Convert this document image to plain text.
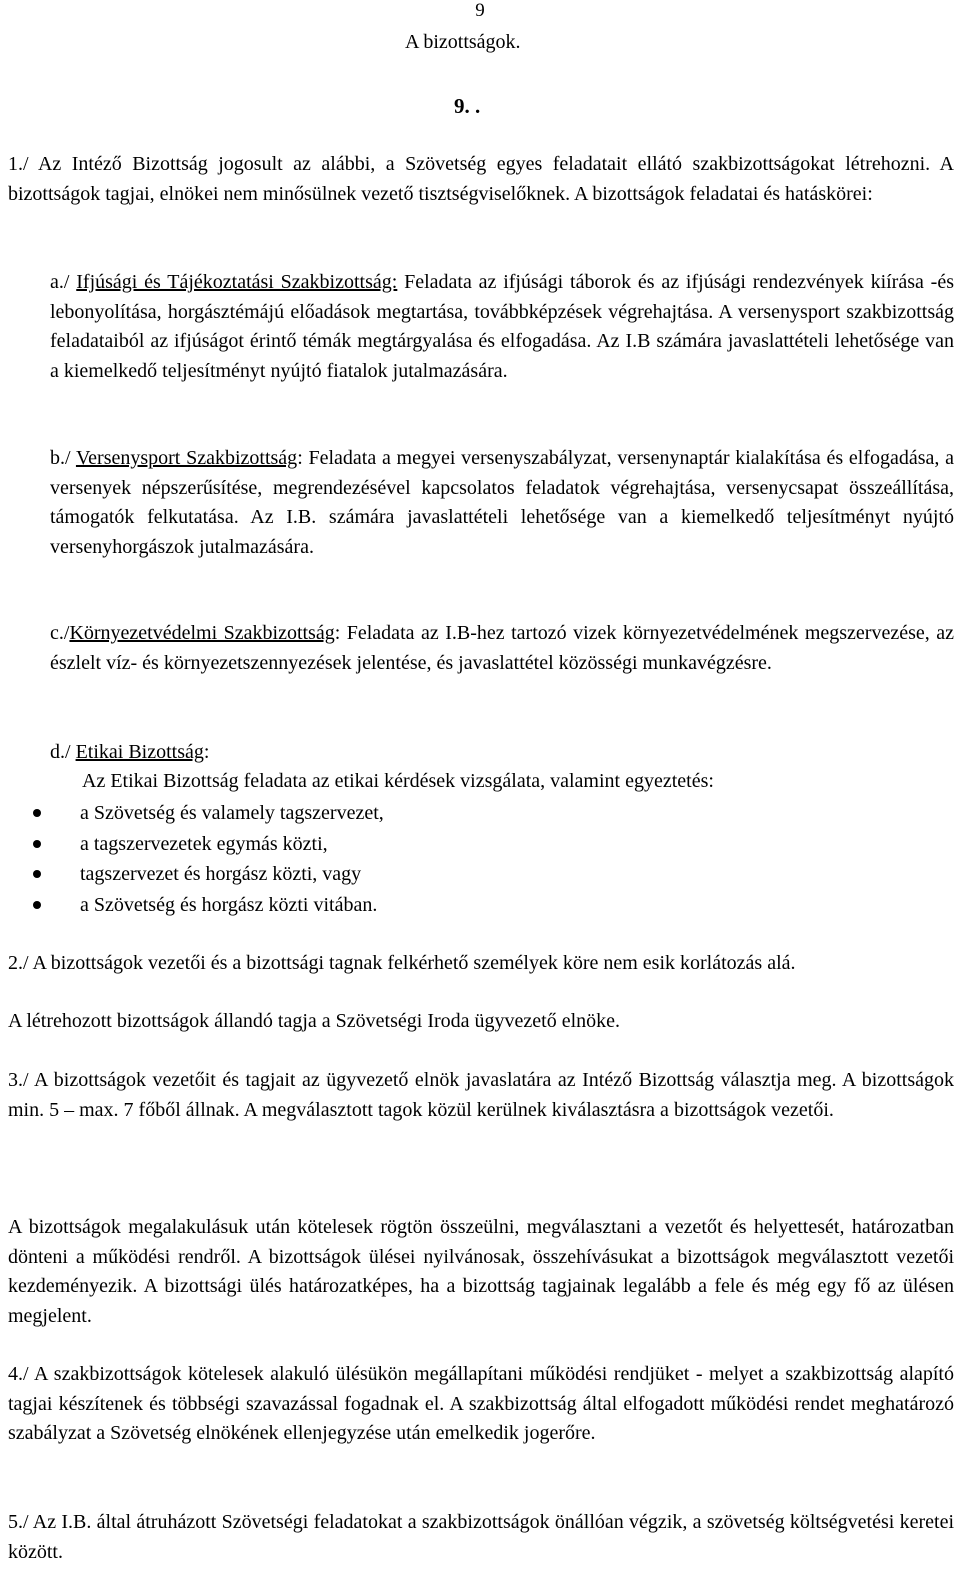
9
A bizottságok.
9. .

1./ Az Intéző Bizottság jogosult az alábbi, a Szövetség egyes feladatait ellátó szakbizottságokat létrehozni. A bizottságok tagjai, elnökei nem minősülnek vezető tisztségviselőknek. A bizottságok feladatai és hatáskörei:

a./ Ifjúsági és Tájékoztatási Szakbizottság: Feladata az ifjúsági táborok és az ifjúsági rendezvények kiírása -és lebonyolítása, horgásztémájú előadások megtartása, továbbképzések végrehajtása. A versenysport szakbizottság feladataiból az ifjúságot érintő témák megtárgyalása és elfogadása. Az I.B számára javaslattételi lehetősége van a kiemelkedő teljesítményt nyújtó fiatalok jutalmazására.

b./ Versenysport Szakbizottság: Feladata a megyei versenyszabályzat, versenynaptár kialakítása és elfogadása, a versenyek népszerűsítése, megrendezésével kapcsolatos feladatok végrehajtása, versenycsapat összeállítása, támogatók felkutatása. Az I.B. számára javaslattételi lehetősége van a kiemelkedő teljesítményt nyújtó versenyhorgászok jutalmazására.

c./Környezetvédelmi Szakbizottság: Feladata az I.B-hez tartozó vizek környezetvédelmének megszervezése, az észlelt víz- és környezetszennyezések jelentése, és javaslattétel közösségi munkavégzésre.

d./ Etikai Bizottság:

Az Etikai Bizottság feladata az etikai kérdések vizsgálata, valamint egyeztetés:

a Szövetség és valamely tagszervezet,
a tagszervezetek egymás közti,
tagszervezet és horgász közti, vagy
a Szövetség és horgász közti vitában.

2./ A bizottságok vezetői és a bizottsági tagnak felkérhető személyek köre nem esik korlátozás alá.

A létrehozott bizottságok állandó tagja a Szövetségi Iroda ügyvezető elnöke.

3./ A bizottságok vezetőit és tagjait az ügyvezető elnök javaslatára az Intéző Bizottság választja meg. A bizottságok min. 5 – max. 7 főből állnak. A megválasztott tagok közül kerülnek kiválasztásra a bizottságok vezetői.

A bizottságok megalakulásuk után kötelesek rögtön összeülni, megválasztani a vezetőt és helyettesét, határozatban dönteni a működési rendről. A bizottságok ülései nyilvánosak, összehívásukat a bizottságok megválasztott vezetői kezdeményezik. A bizottsági ülés határozatképes, ha a bizottság tagjainak legalább a fele és még egy fő az ülésen megjelent.

4./ A szakbizottságok kötelesek alakuló ülésükön megállapítani működési rendjüket - melyet a szakbizottság alapító tagjai készítenek és többségi szavazással fogadnak el. A szakbizottság által elfogadott működési rendet meghatározó szabályzat a Szövetség elnökének ellenjegyzése után emelkedik jogerőre.

5./ Az I.B. által átruházott Szövetségi feladatokat a szakbizottságok önállóan végzik, a szövetség költségvetési keretei között.
